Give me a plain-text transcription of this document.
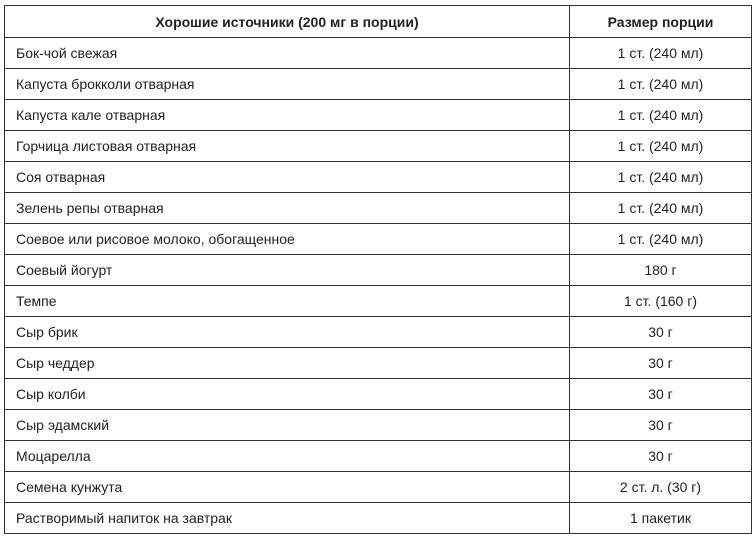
Хорошие источники (200 мг в порции)	Размер порции
Бок-чой свежая	1 ст. (240 мл)
Капуста брокколи отварная	1 ст. (240 мл)
Капуста кале отварная	1 ст. (240 мл)
Горчица листовая отварная	1 ст. (240 мл)
Соя отварная	1 ст. (240 мл)
Зелень репы отварная	1 ст. (240 мл)
Соевое или рисовое молоко, обогащенное	1 ст. (240 мл)
Соевый йогурт	180 г
Темпе	1 ст. (160 г)
Сыр брик	30 г
Сыр чеддер	30 г
Сыр колби	30 г
Сыр эдамский	30 г
Моцарелла	30 г
Семена кунжута	2 ст. л. (30 г)
Растворимый напиток на завтрак	1 пакетик
